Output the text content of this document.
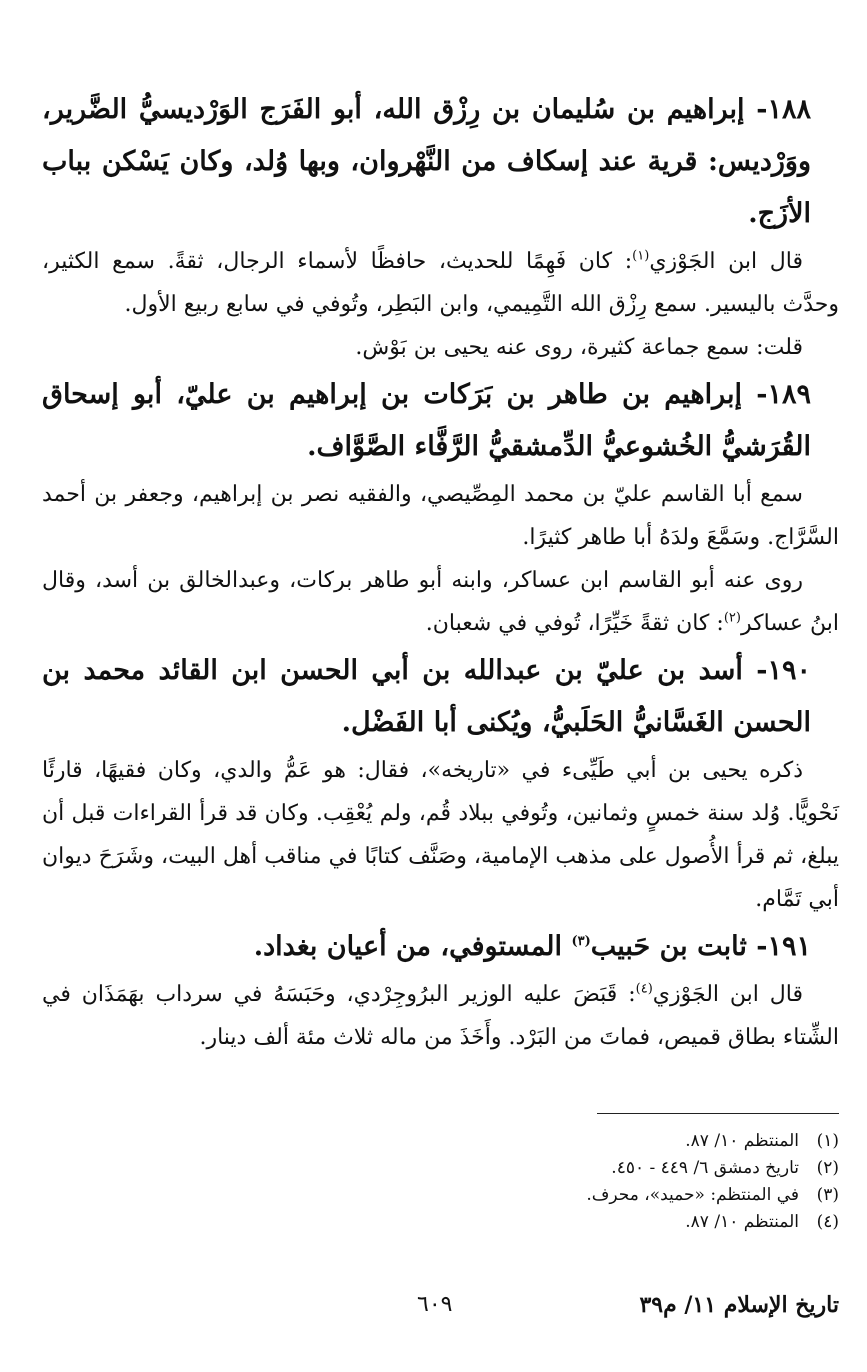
١٨٨- إبراهيم بن سُليمان بن رِزْق الله، أبو الفَرَج الوَرْديسيُّ الضَّرير، ووَرْديس: قرية عند إسكاف من النَّهْروان، وبها وُلد، وكان يَسْكن بباب الأزَج.

قال ابن الجَوْزي$^{(١)}$: كان فَهِمًا للحديث، حافظًا لأسماء الرجال، ثقةً. سمع الكثير، وحدَّث باليسير. سمع رِزْق الله التَّمِيمي، وابن البَطِر، وتُوفي في سابع ربيع الأول.

قلت: سمع جماعة كثيرة، روى عنه يحيى بن بَوْش.

١٨٩- إبراهيم بن طاهر بن بَرَكات بن إبراهيم بن عليّ، أبو إسحاق القُرَشيُّ الخُشوعيُّ الدِّمشقيُّ الرَّفَّاء الصَّوَّاف.

سمع أبا القاسم عليّ بن محمد المِصِّيصي، والفقيه نصر بن إبراهيم، وجعفر بن أحمد السَّرَّاج. وسَمَّعَ ولدَهُ أبا طاهر كثيرًا.

روى عنه أبو القاسم ابن عساكر، وابنه أبو طاهر بركات، وعبدالخالق بن أسد، وقال ابنُ عساكر$^{(٢)}$: كان ثقةً خَيِّرًا، تُوفي في شعبان.

١٩٠- أسد بن عليّ بن عبدالله بن أبي الحسن ابن القائد محمد بن الحسن الغَسَّانيُّ الحَلَبيُّ، ويُكنى أبا الفَضْل.

ذكره يحيى بن أبي طَيِّىء في «تاريخه»، فقال: هو عَمُّ والدي، وكان فقيهًا، قارئًا نَحْويًّا. وُلد سنة خمسٍ وثمانين، وتُوفي ببلاد قُم، ولم يُعْقِب. وكان قد قرأ القراءات قبل أن يبلغ، ثم قرأ الأُصول على مذهب الإمامية، وصَنَّف كتابًا في مناقب أهل البيت، وشَرَحَ ديوان أبي تَمَّام.

١٩١- ثابت بن حَبيب$^{(٣)}$ المستوفي، من أعيان بغداد.

قال ابن الجَوْزي$^{(٤)}$: قَبَضَ عليه الوزير البرُوجِرْدي، وحَبَسَهُ في سرداب بهَمَذَان في الشِّتاء بطاق قميص، فماتَ من البَرْد. وأَخَذَ من ماله ثلاث مئة ألف دينار.

(١)المنتظم ١٠/ ٨٧.

(٢)تاريخ دمشق ٦/ ٤٤٩ - ٤٥٠.

(٣)في المنتظم: «حميد»، محرف.

(٤)المنتظم ١٠/ ٨٧.

تاريخ الإسلام ١١/ م٣٩
٦٠٩
